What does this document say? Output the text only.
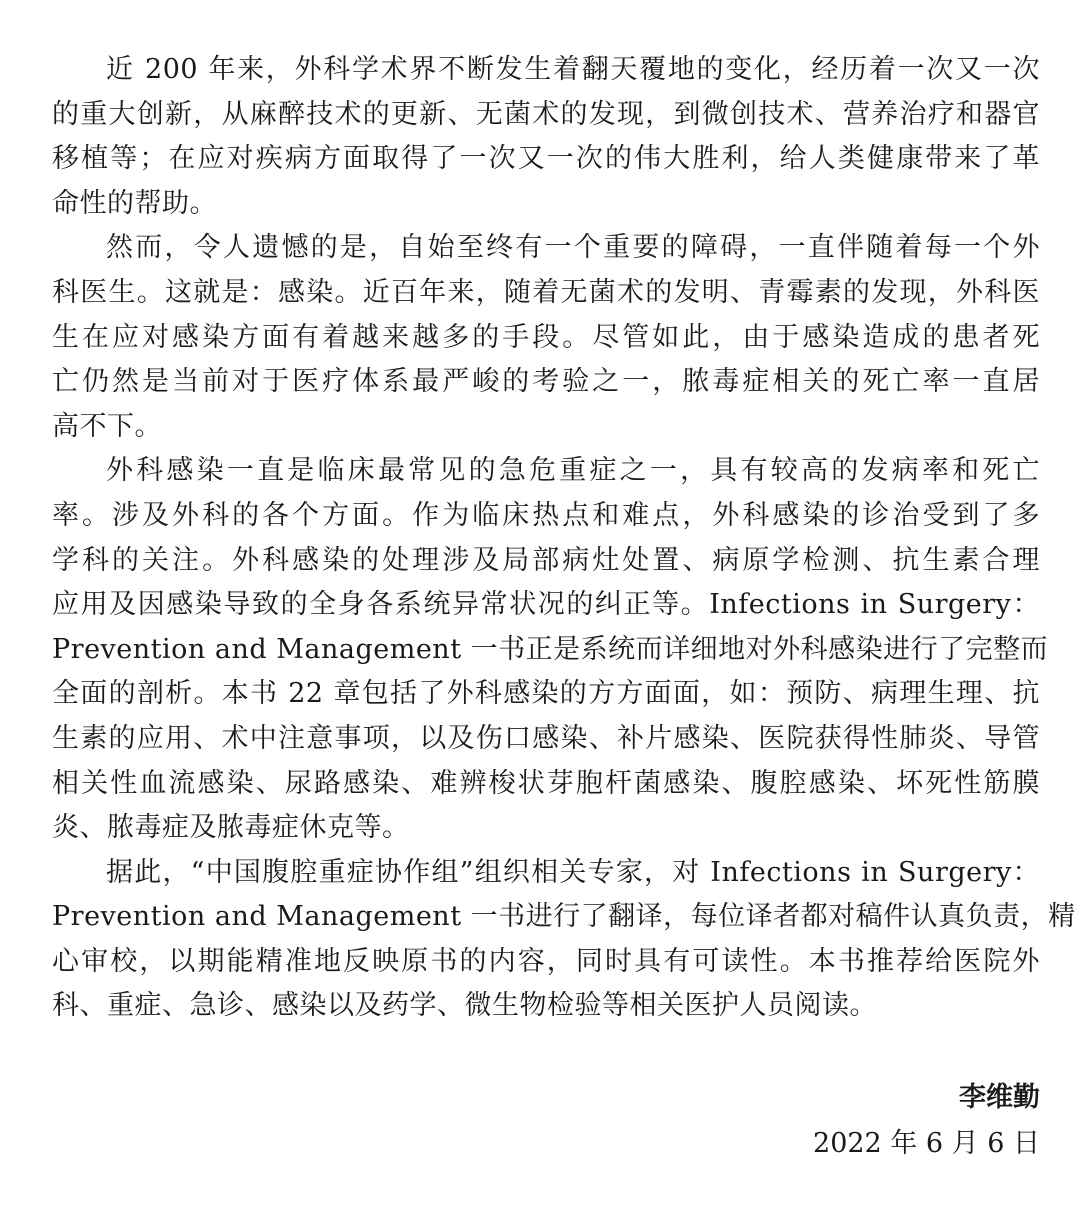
近 200 年来，外科学术界不断发生着翻天覆地的变化，经历着一次又一次
的重大创新，从麻醉技术的更新、无菌术的发现，到微创技术、营养治疗和器官
移植等；在应对疾病方面取得了一次又一次的伟大胜利，给人类健康带来了革
命性的帮助。
然而，令人遗憾的是，自始至终有一个重要的障碍，一直伴随着每一个外
科医生。这就是：感染。近百年来，随着无菌术的发明、青霉素的发现，外科医
生在应对感染方面有着越来越多的手段。尽管如此，由于感染造成的患者死
亡仍然是当前对于医疗体系最严峻的考验之一，脓毒症相关的死亡率一直居
高不下。
外科感染一直是临床最常见的急危重症之一，具有较高的发病率和死亡
率。涉及外科的各个方面。作为临床热点和难点，外科感染的诊治受到了多
学科的关注。外科感染的处理涉及局部病灶处置、病原学检测、抗生素合理
应用及因感染导致的全身各系统异常状况的纠正等。Infections in Surgery：
Prevention and Management 一书正是系统而详细地对外科感染进行了完整而
全面的剖析。本书 22 章包括了外科感染的方方面面，如：预防、病理生理、抗
生素的应用、术中注意事项，以及伤口感染、补片感染、医院获得性肺炎、导管
相关性血流感染、尿路感染、难辨梭状芽胞杆菌感染、腹腔感染、坏死性筋膜
炎、脓毒症及脓毒症休克等。
据此，“中国腹腔重症协作组”组织相关专家，对 Infections in Surgery：
Prevention and Management 一书进行了翻译，每位译者都对稿件认真负责，精
心审校，以期能精准地反映原书的内容，同时具有可读性。本书推荐给医院外
科、重症、急诊、感染以及药学、微生物检验等相关医护人员阅读。
李维勤
2022 年 6 月 6 日
